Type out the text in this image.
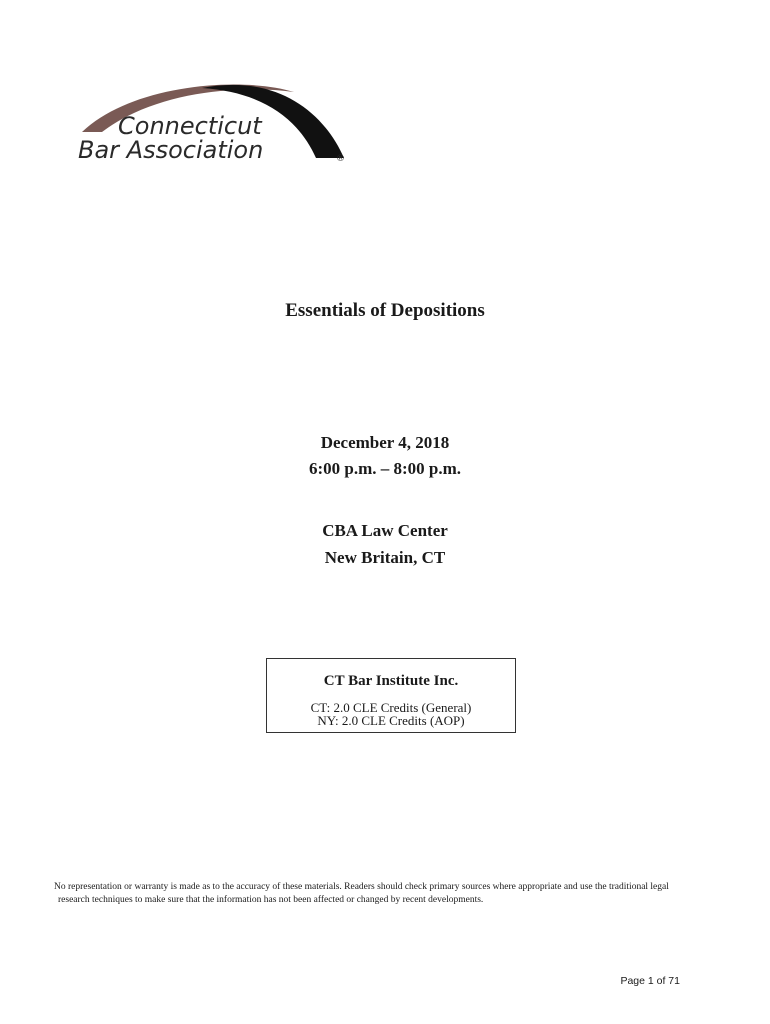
Connecticut
Bar Association	®
Essentials of Depositions
December 4, 2018
6:00 p.m. – 8:00 p.m.
CBA Law Center
New Britain, CT
CT Bar Institute Inc.
CT: 2.0 CLE Credits (General)
NY: 2.0 CLE Credits (AOP)
No representation or warranty is made as to the accuracy of these materials. Readers should check primary sources where appropriate and use the traditional legal
research techniques to make sure that the information has not been affected or changed by recent developments.
Page 1 of 71
